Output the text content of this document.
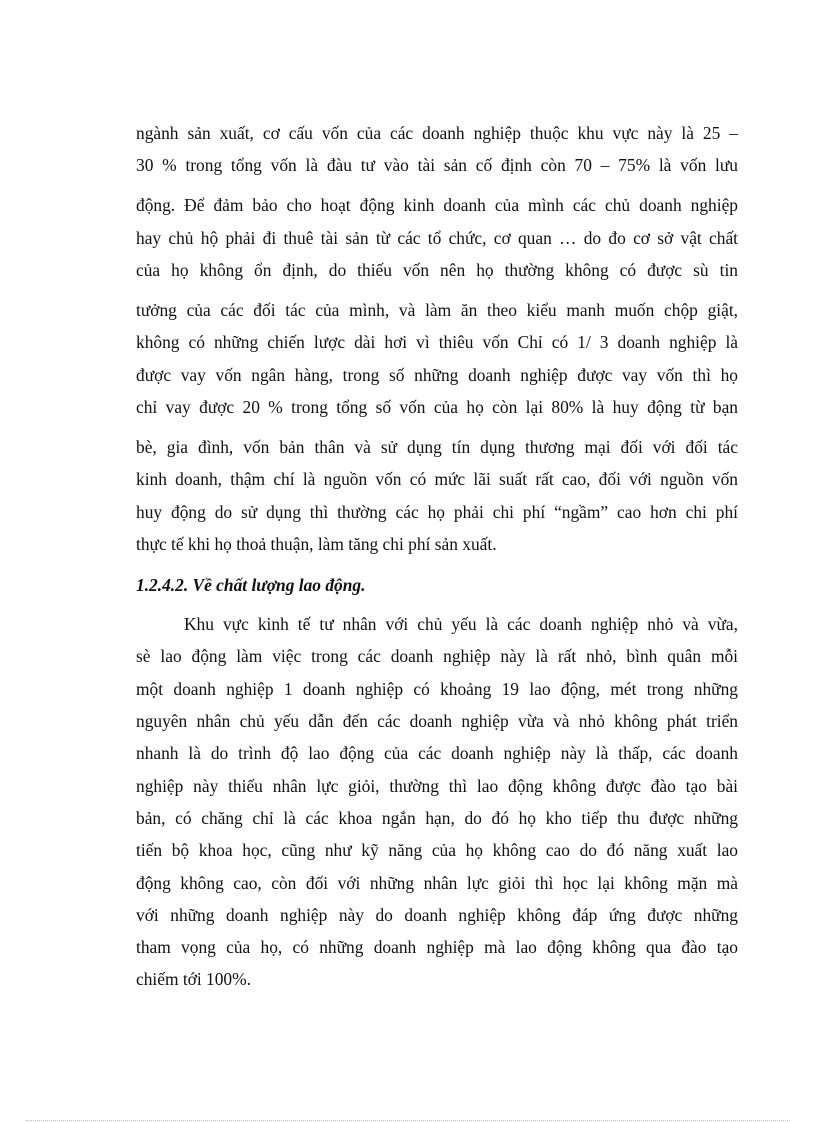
ngành sản xuất, cơ cấu vốn của các doanh nghiệp thuộc khu vực này là 25 –
30 % trong tổng vốn là đàu tư vào tài sản cố định còn 70 – 75% là vốn lưu
động. Để đảm bảo cho hoạt động kinh doanh của mình các chủ doanh nghiệp
hay chủ hộ phải đi thuê tài sản từ các tổ chức, cơ quan … do đo cơ sở vật chất
của họ không ổn định, do thiếu vốn nên họ thường không có được sù tin
tưởng của các đối tác của mình, và làm ăn theo kiểu manh muốn chộp giật,
không có những chiến lược dài hơi vì thiêu vốn Chỉ có 1/ 3 doanh nghiệp là
được vay vốn ngân hàng, trong số những doanh nghiệp được vay vốn thì họ
chỉ vay được 20 % trong tổng số vốn của họ còn lại 80% là huy động từ bạn
bè, gia đình, vốn bản thân và sử dụng tín dụng thương mại đối với đối tác
kinh doanh, thậm chí là nguồn vốn có mức lãi suất rất cao, đối với nguồn vốn
huy động do sử dụng thì thường các họ phải chi phí “ngầm” cao hơn chi phí
thực tế khi họ thoả thuận, làm tăng chi phí sản xuất.
1.2.4.2. Về chất lượng lao động.
Khu vực kinh tế tư nhân với chủ yếu là các doanh nghiệp nhỏ và vừa,
sè lao động làm việc trong các doanh nghiệp này là rất nhỏ, bình quân mỗi
một doanh nghiệp 1 doanh nghiệp có khoảng 19 lao động, mét trong những
nguyên nhân chủ yếu dẫn đến các doanh nghiệp vừa và nhỏ không phát triển
nhanh là do trình độ lao động của các doanh nghiệp này là thấp, các doanh
nghiệp này thiếu nhân lực giỏi, thường thì lao động không được đào tạo bài
bản, có chăng chỉ là các khoa ngắn hạn, do đó họ kho tiếp thu được những
tiến bộ khoa học, cũng như kỹ năng của họ không cao do đó năng xuất lao
động không cao, còn đối với những nhân lực giỏi thì học lại không mặn mà
với những doanh nghiệp này do doanh nghiệp không đáp ứng được những
tham vọng của họ, có những doanh nghiệp mà lao động không qua đào tạo
chiếm tới 100%.
